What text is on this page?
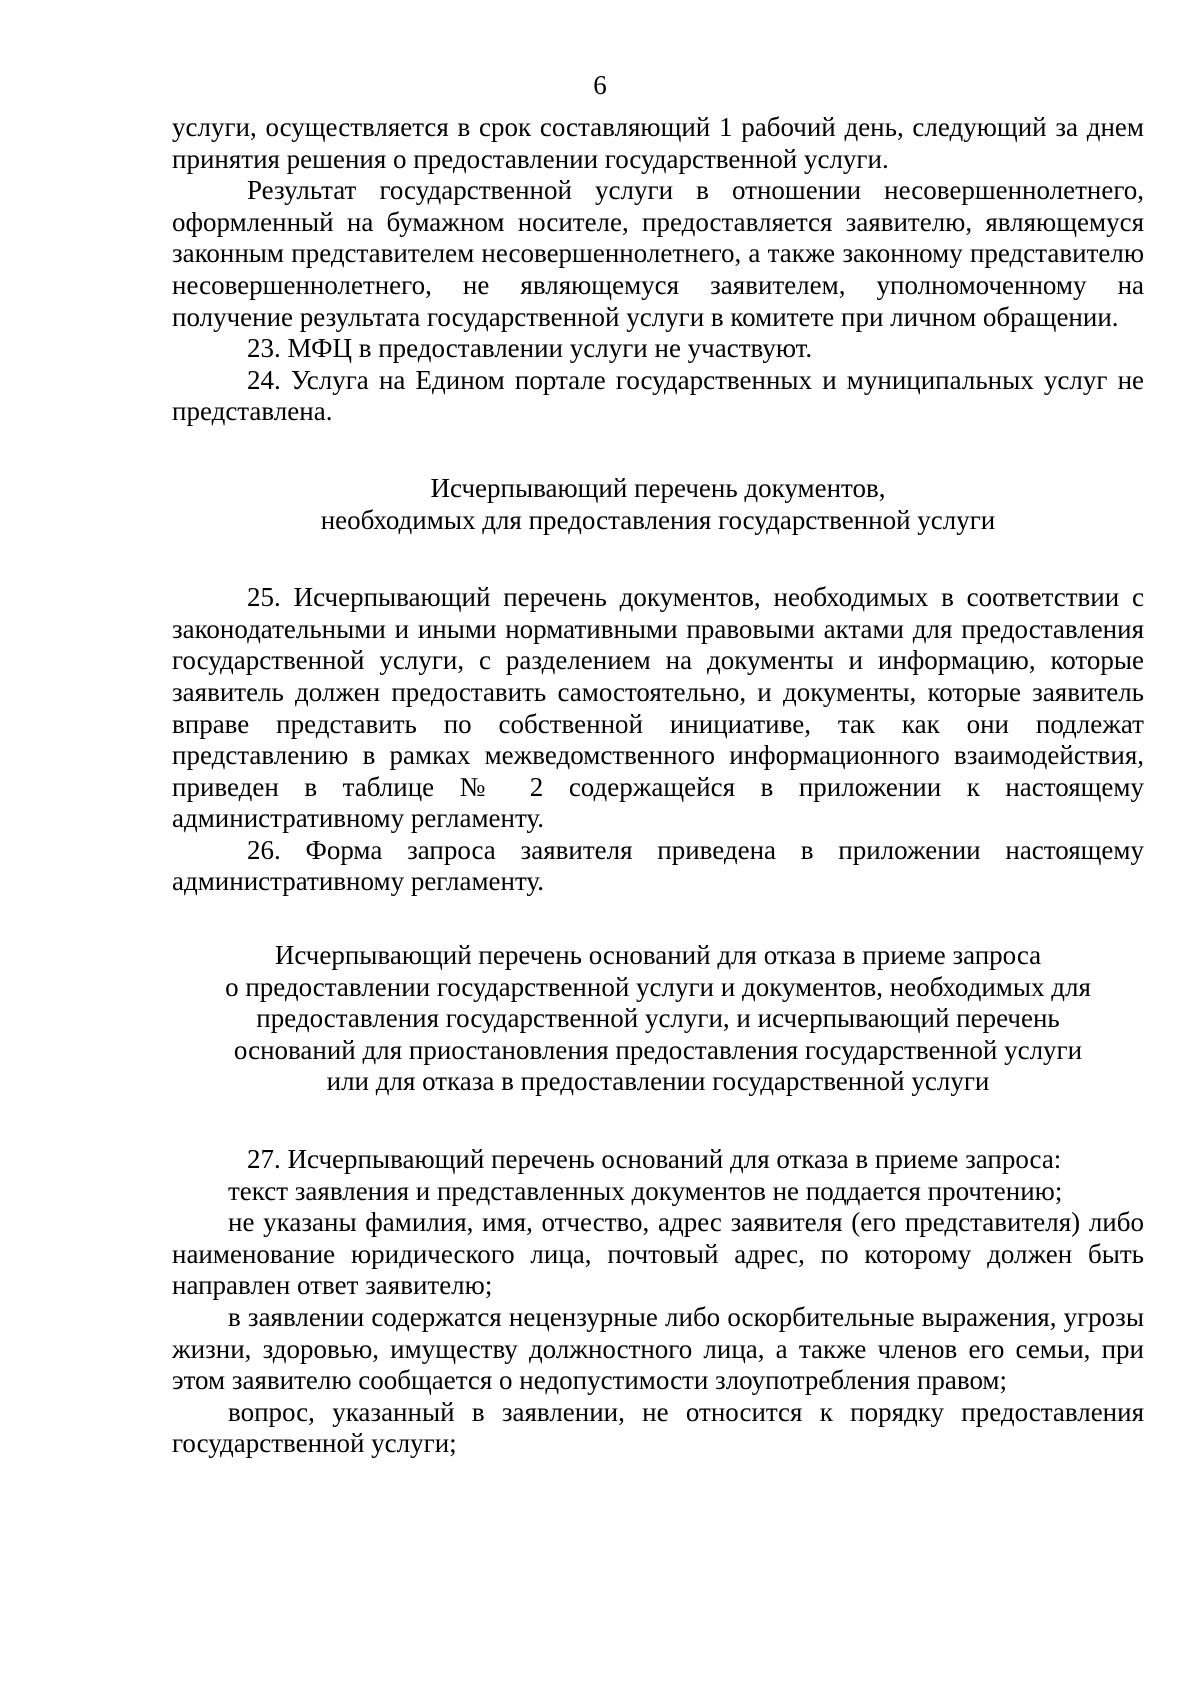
6

услуги, осуществляется в срок составляющий 1 рабочий день, следующий за днем принятия решения о предоставлении государственной услуги.

Результат государственной услуги в отношении несовершеннолетнего, оформленный на бумажном носителе, предоставляется заявителю, являющемуся законным представителем несовершеннолетнего, а также законному представителю несовершеннолетнего, не являющемуся заявителем, уполномоченному на получение результата государственной услуги в комитете при личном обращении.

23. МФЦ в предоставлении услуги не участвуют.

24. Услуга на Едином портале государственных и муниципальных услуг не представлена.

Исчерпывающий перечень документов,
необходимых для предоставления государственной услуги

25. Исчерпывающий перечень документов, необходимых в соответствии с законодательными и иными нормативными правовыми актами для предоставления государственной услуги, с разделением на документы и информацию, которые заявитель должен предоставить самостоятельно, и документы, которые заявитель вправе представить по собственной инициативе, так как они подлежат представлению в рамках межведомственного информационного взаимодействия, приведен в таблице № 2 содержащейся в приложении к настоящему административному регламенту.

26. Форма запроса заявителя приведена в приложении настоящему административному регламенту.

Исчерпывающий перечень оснований для отказа в приеме запроса
о предоставлении государственной услуги и документов, необходимых для
предоставления государственной услуги, и исчерпывающий перечень
оснований для приостановления предоставления государственной услуги
или для отказа в предоставлении государственной услуги

27. Исчерпывающий перечень оснований для отказа в приеме запроса:

текст заявления и представленных документов не поддается прочтению;

не указаны фамилия, имя, отчество, адрес заявителя (его представителя) либо наименование юридического лица, почтовый адрес, по которому должен быть направлен ответ заявителю;

в заявлении содержатся нецензурные либо оскорбительные выражения, угрозы жизни, здоровью, имуществу должностного лица, а также членов его семьи, при этом заявителю сообщается о недопустимости злоупотребления правом;

вопрос, указанный в заявлении, не относится к порядку предоставления государственной услуги;
